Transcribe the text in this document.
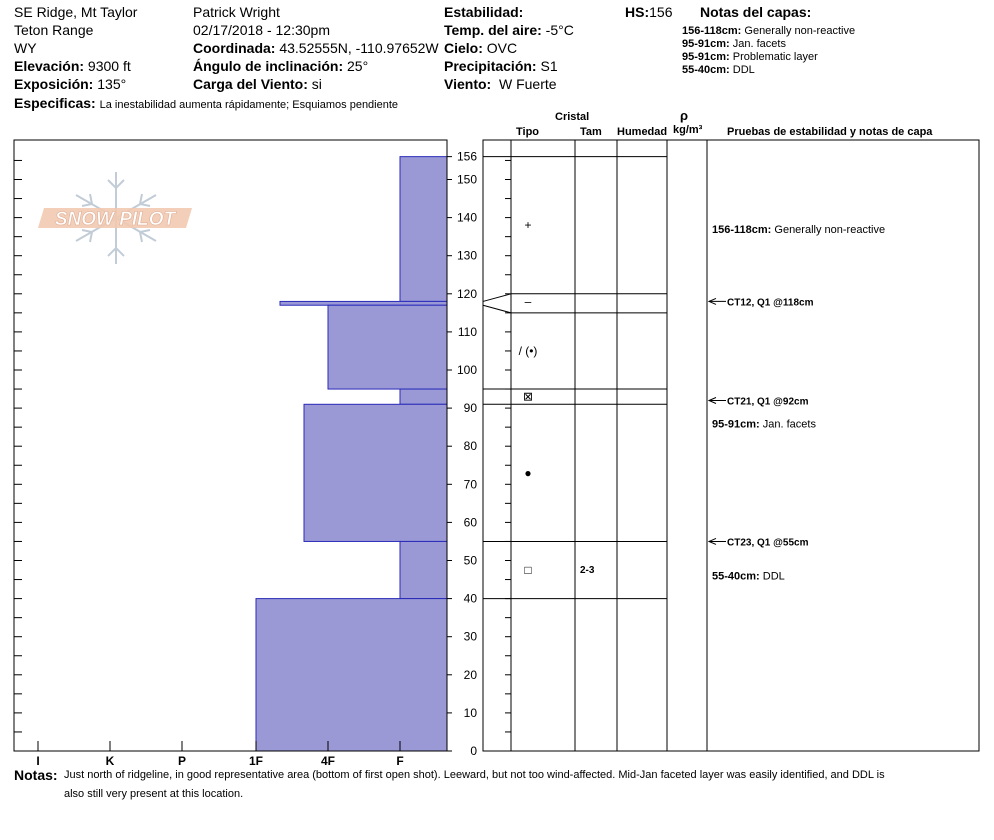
SE Ridge, Mt Taylor
Teton Range
WY
Elevación: 9300 ft
Exposición: 135°
Especificas: La inestabilidad aumenta rápidamente; Esquiamos pendiente
Patrick Wright
02/17/2018 - 12:30pm
Coordinada: 43.52555N, -110.97652W
Ángulo de inclinación: 25°
Carga del Viento: si
Estabilidad:
Temp. del aire: -5°C
Cielo: OVC
Precipitación: S1
Viento: W Fuerte
HS:156 Notas del capas:
156-118cm: Generally non-reactive
95-91cm: Jan. facets
95-91cm: Problematic layer
55-40cm: DDL
Cristal
Tipo	Tam Humedad
ρ
kg/m³ Pruebas de estabilidad y notas de capa
I	K	P	1F	4F	F
0
10
20
30
40
50
60
70
80
90
100
110
120
130
140
150
156
+
–
/ (•)
⊠
●
□	2-3
CT12, Q1 @118cm
CT21, Q1 @92cm
CT23, Q1 @55cm
156-118cm: Generally non-reactive
95-91cm: Jan. facets
55-40cm: DDL
SNOW PILOT
Notas: Just north of ridgeline, in good representative area (bottom of first open shot). Leeward, but not too wind-affected. Mid-Jan faceted layer was easily identified, and DDL is
also still very present at this location.
